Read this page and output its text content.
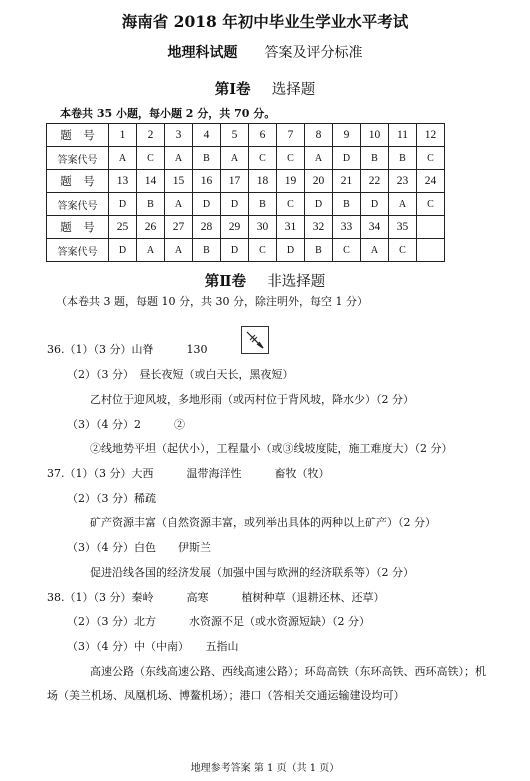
海南省 2018 年初中毕业生学业水平考试
地理科试题 答案及评分标准
第Ⅰ卷 选择题
本卷共 35 小题，每小题 2 分，共 70 分。
题　号	1	2	3	4	5	6	7	8	9	10	11	12
答案代号	A	C	A	B	A	C	C	A	D	B	B	C
题　号	13	14	15	16	17	18	19	20	21	22	23	24
答案代号	D	B	A	D	D	B	C	D	B	D	A	C
题　号	25	26	27	28	29	30	31	32	33	34	35	
答案代号	D	A	A	B	D	C	D	B	C	A	C	
第Ⅱ卷 非选择题
（本卷共 3 题，每题 10 分，共 30 分，除注明外，每空 1 分）
36.（1）（3 分）山脊　　　130
（2）（3 分）　昼长夜短（或白天长，黑夜短）
乙村位于迎风坡，多地形雨（或丙村位于背风坡，降水少）（2 分）
（3）（4 分）2　　　②
②线地势平坦（起伏小），工程量小（或③线坡度陡，施工难度大）（2 分）
37.（1）（3 分）大西　　　温带海洋性　　　畜牧（牧）
（2）（3 分）稀疏
矿产资源丰富（自然资源丰富，或列举出具体的两种以上矿产）（2 分）
（3）（4 分）白色　　伊斯兰
促进沿线各国的经济发展（加强中国与欧洲的经济联系等）（2 分）
38.（1）（3 分）秦岭　　　高寒　　　植树种草（退耕还林、还草）
（2）（3 分）北方　　　水资源不足（或水资源短缺）（2 分）
（3）（4 分）中（中南）　　五指山
高速公路（东线高速公路、西线高速公路）；环岛高铁（东环高铁、西环高铁）；机
场（美兰机场、凤凰机场、博鳌机场）；港口（答相关交通运输建设均可）
地理参考答案 第 1 页（共 1 页）
